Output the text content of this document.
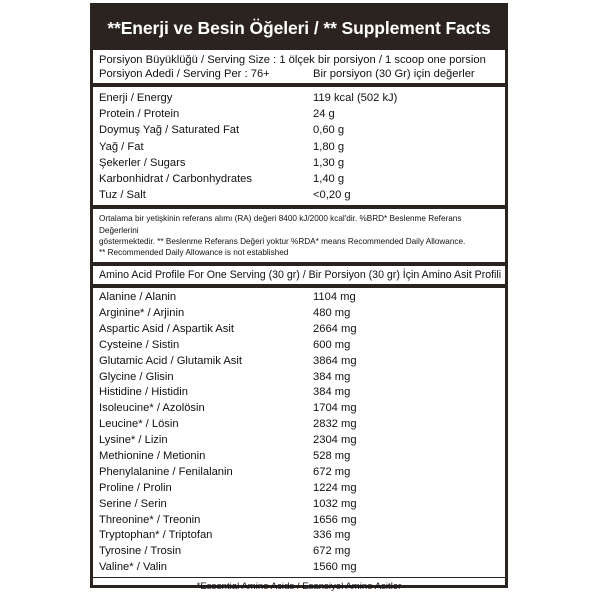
**Enerji ve Besin Öğeleri / ** Supplement Facts
Porsiyon Büyüklüğü / Serving Size : 1 ölçek bir porsiyon / 1 scoop one porsion
Porsiyon Adedi / Serving Per : 76+	Bir porsiyon (30 Gr) için değerler
Enerji / Energy	119 kcal (502 kJ)
Protein / Protein	24 g
Doymuş Yağ / Saturated Fat	0,60 g
Yağ / Fat	1,80 g
Şekerler / Sugars	1,30 g
Karbonhidrat / Carbonhydrates	1,40 g
Tuz / Salt	<0,20 g
Ortalama bir yetişkinin referans alımı (RA) değeri 8400 kJ/2000 kcal'dir. %BRD* Beslenme Referans Değerlerini
göstermektedir. ** Beslenme Referans Değeri yoktur %RDA* means Recommended Daily Allowance.
** Recommended Daily Allowance is not established
Amino Acid Profile For One Serving (30 gr) / Bir Porsiyon (30 gr) İçin Amino Asit Profili
Alanine / Alanin	1104 mg
Arginine* / Arjinin	480 mg
Aspartic Asid / Aspartik Asit	2664 mg
Cysteine / Sistin	600 mg
Glutamic Acid / Glutamik Asit	3864 mg
Glycine / Glisin	384 mg
Histidine / Histidin	384 mg
Isoleucine* / Azolösin	1704 mg
Leucine* / Lösin	2832 mg
Lysine* / Lizin	2304 mg
Methionine / Metionin	528 mg
Phenylalanine / Fenilalanin	672 mg
Proline / Prolin	1224 mg
Serine / Serin	1032 mg
Threonine* / Treonin	1656 mg
Tryptophan* / Triptofan	336 mg
Tyrosine / Trosin	672 mg
Valine* / Valin	1560 mg
*Essential Amino Acids / Esansiyel Amino Asitler
